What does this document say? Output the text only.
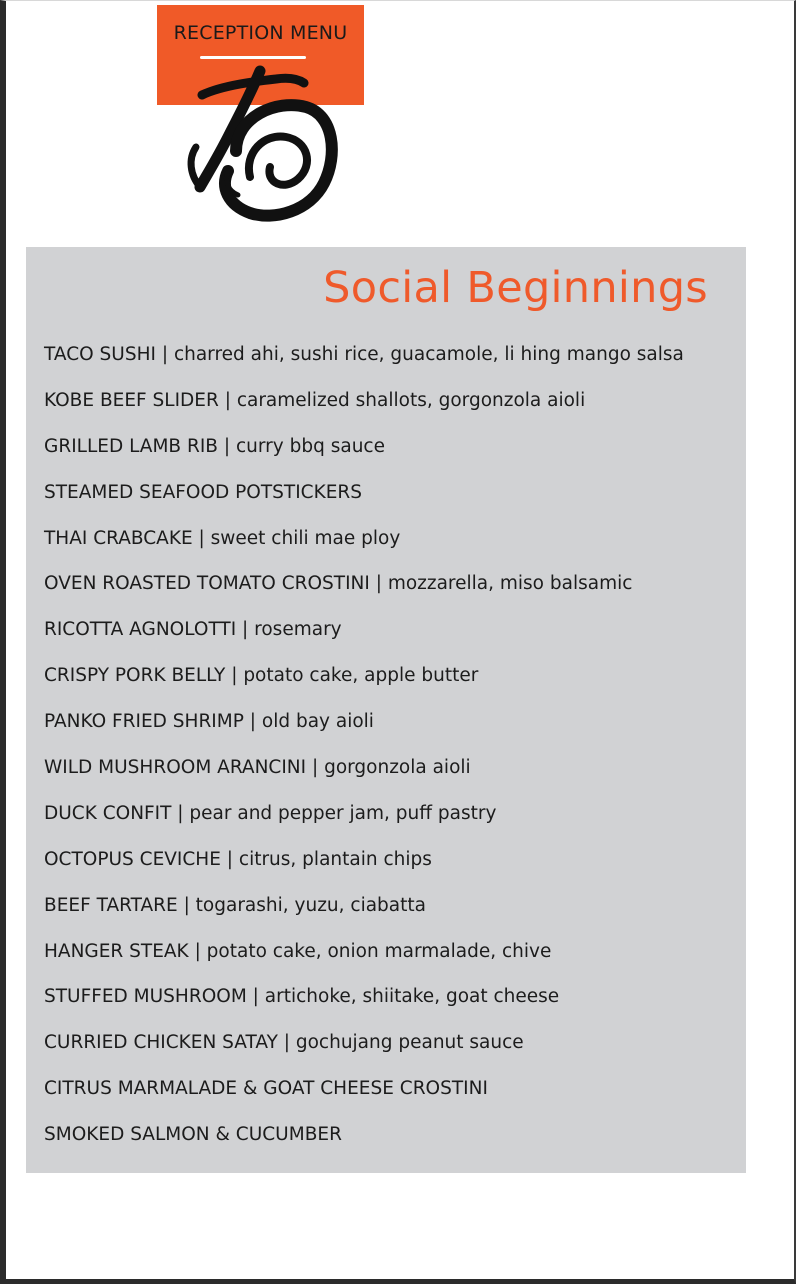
RECEPTION MENU
Social Beginnings
TACO SUSHI | charred ahi, sushi rice, guacamole, li hing mango salsa
KOBE BEEF SLIDER | caramelized shallots, gorgonzola aioli
GRILLED LAMB RIB | curry bbq sauce
STEAMED SEAFOOD POTSTICKERS
THAI CRABCAKE | sweet chili mae ploy
OVEN ROASTED TOMATO CROSTINI | mozzarella, miso balsamic
RICOTTA AGNOLOTTI | rosemary
CRISPY PORK BELLY | potato cake, apple butter
PANKO FRIED SHRIMP | old bay aioli
WILD MUSHROOM ARANCINI | gorgonzola aioli
DUCK CONFIT | pear and pepper jam, puff pastry
OCTOPUS CEVICHE | citrus, plantain chips
BEEF TARTARE | togarashi, yuzu, ciabatta
HANGER STEAK | potato cake, onion marmalade, chive
STUFFED MUSHROOM | artichoke, shiitake, goat cheese
CURRIED CHICKEN SATAY | gochujang peanut sauce
CITRUS MARMALADE & GOAT CHEESE CROSTINI
SMOKED SALMON & CUCUMBER
